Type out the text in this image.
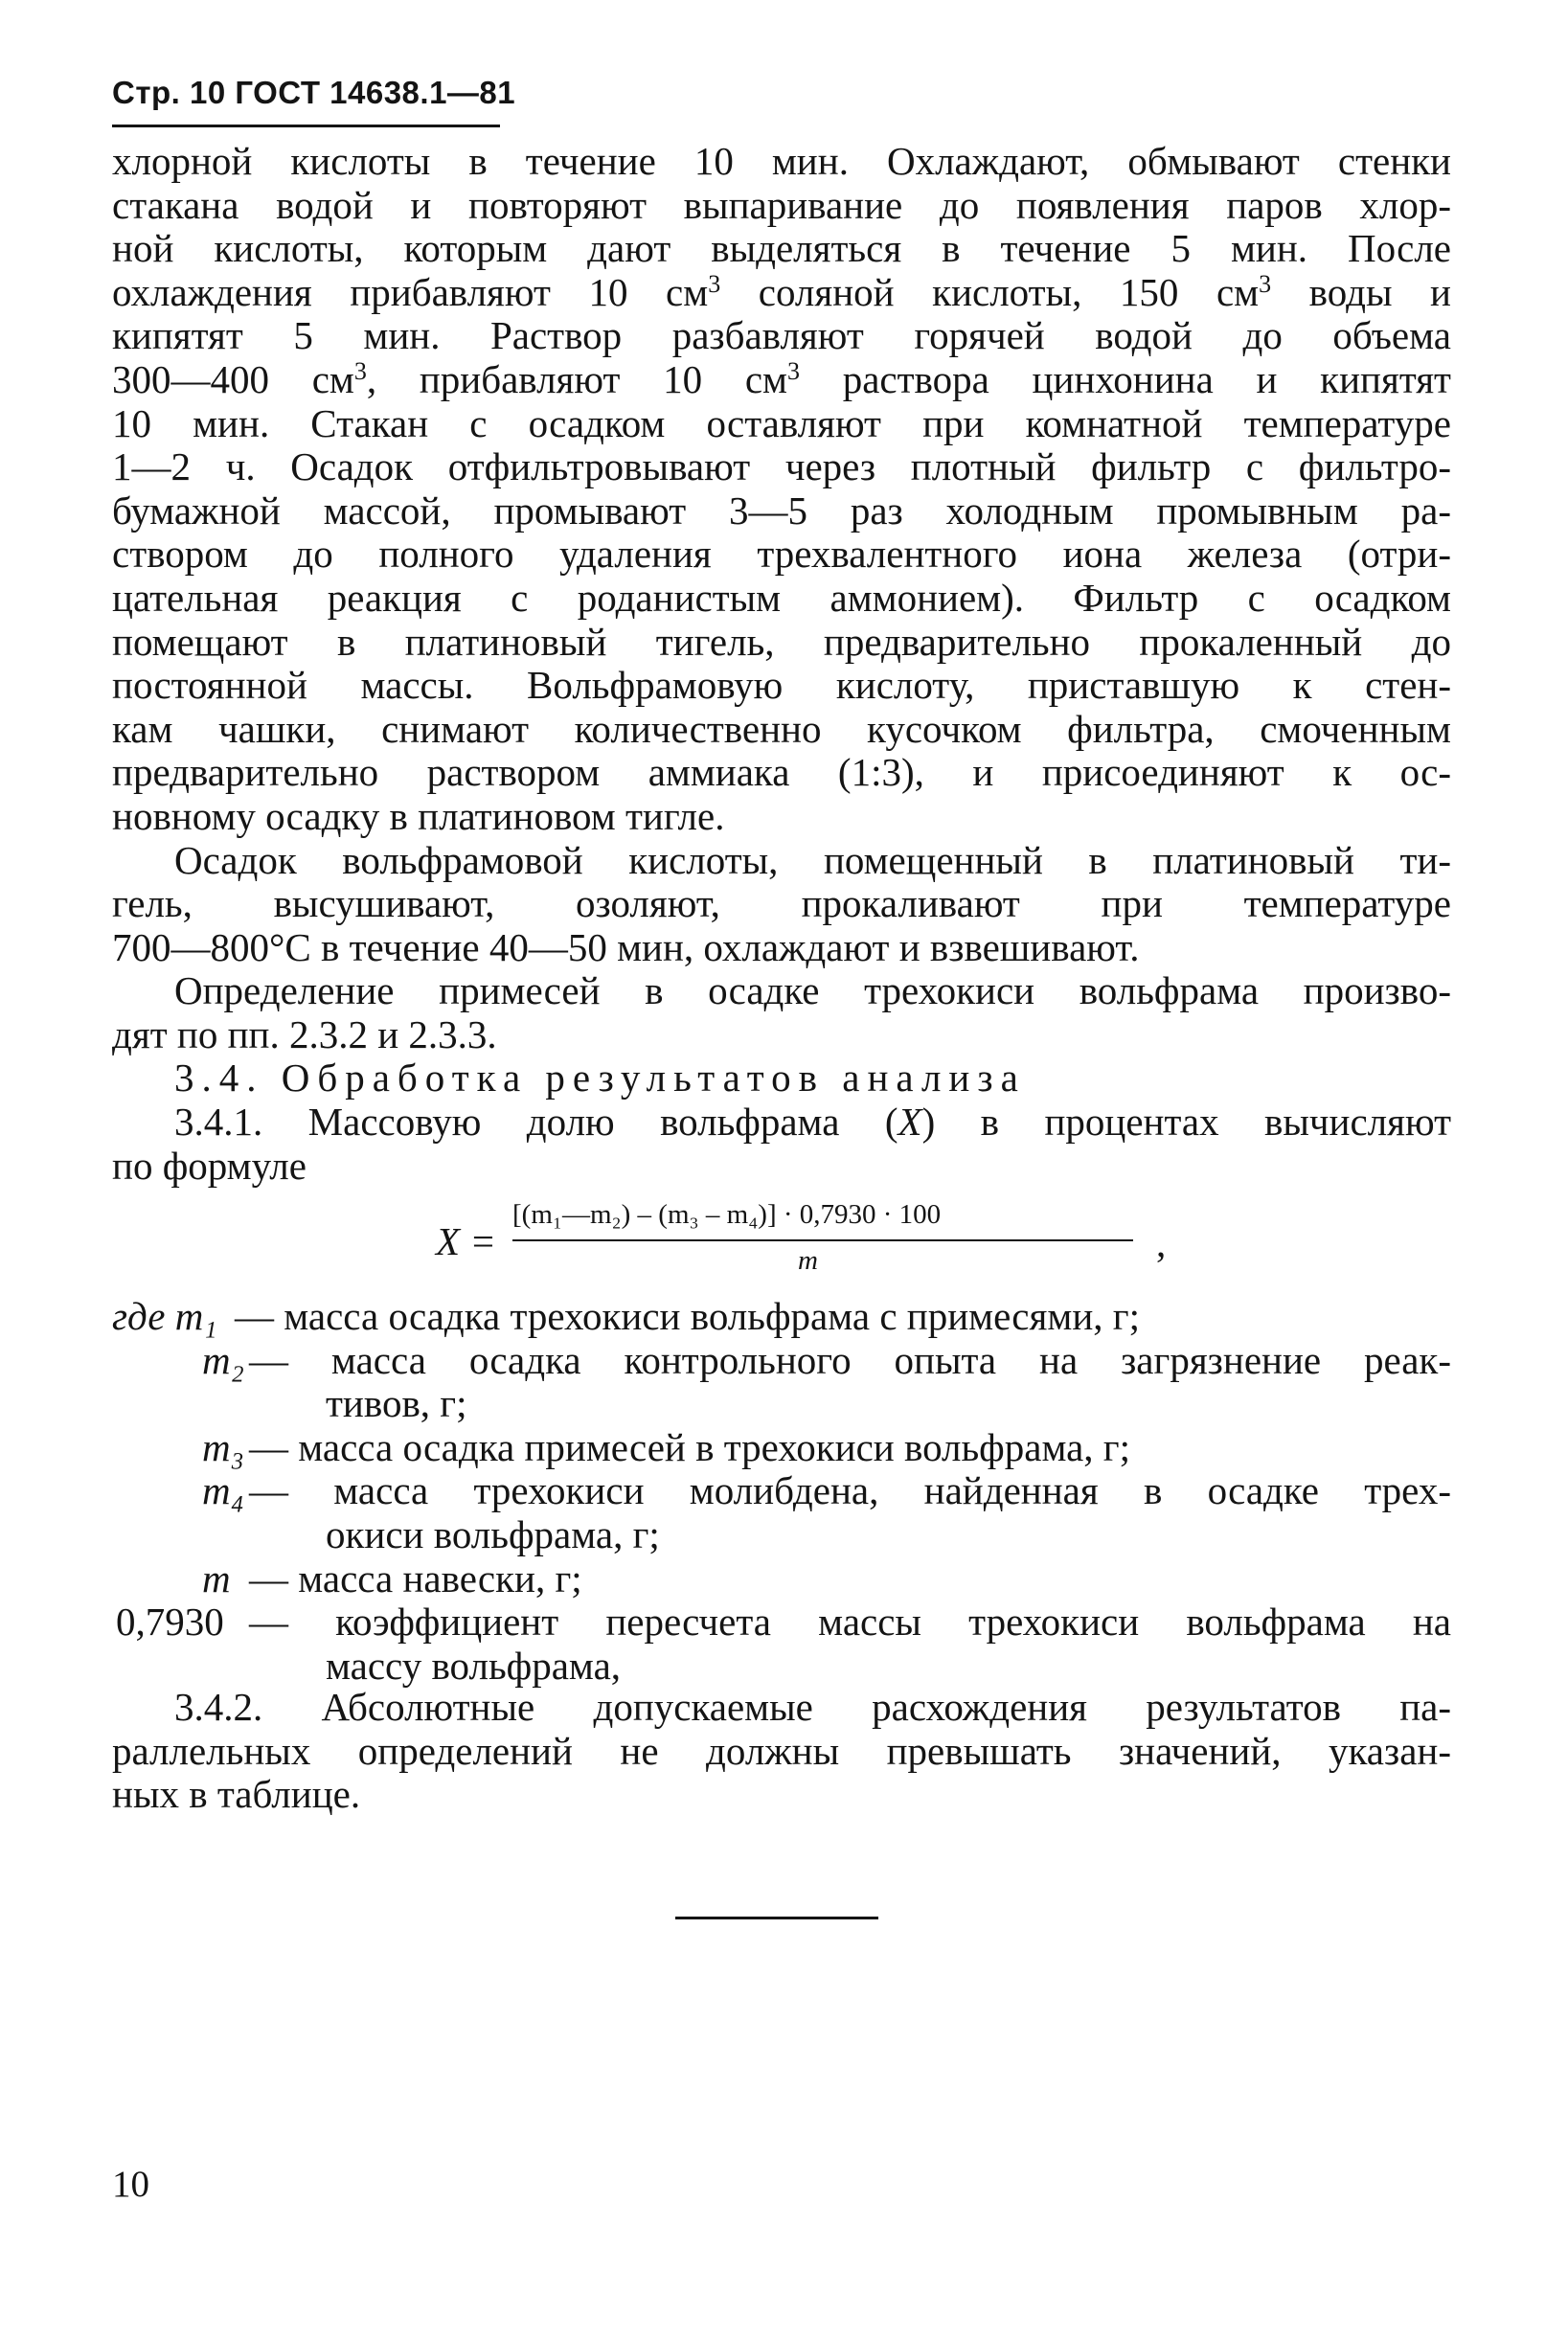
Стр. 10 ГОСТ 14638.1—81
хлорной кислоты в течение 10 мин. Охлаждают, обмывают стенки
стакана водой и повторяют выпаривание до появления паров хлор-
ной кислоты, которым дают выделяться в течение 5 мин. После
охлаждения прибавляют 10 $см^3$ соляной кислоты, 150 $см^3$ воды и
кипятят 5 мин. Раствор разбавляют горячей водой до объема
300—400 $см^3$, прибавляют 10 $см^3$ раствора цинхонина и кипятят
10 мин. Стакан с осадком оставляют при комнатной температуре
1—2 ч. Осадок отфильтровывают через плотный фильтр с фильтро-
бумажной массой, промывают 3—5 раз холодным промывным ра-
створом до полного удаления трехвалентного иона железа (отри-
цательная реакция с роданистым аммонием). Фильтр с осадком
помещают в платиновый тигель, предварительно прокаленный до
постоянной массы. Вольфрамовую кислоту, приставшую к стен-
кам чашки, снимают количественно кусочком фильтра, смоченным
предварительно раствором аммиака (1:3), и присоединяют к ос-
новному осадку в платиновом тигле.
Осадок вольфрамовой кислоты, помещенный в платиновый ти-
гель, высушивают, озоляют, прокаливают при температуре
700—800°С в течение 40—50 мин, охлаждают и взвешивают.
Определение примесей в осадке трехокиси вольфрама произво-
дят по пп. 2.3.2 и 2.3.3.
3.4. Обработка результатов анализа
3.4.1. Массовую долю вольфрама (X) в процентах вычисляют
по формуле
X =
[(m₁—m₂) – (m₃ – m₄)] · 0,7930 · 100
m	,
где m₁ — масса осадка трехокиси вольфрама с примесями, г;
m₂ — масса осадка контрольного опыта на загрязнение реак-
тивов, г;
m₃ — масса осадка примесей в трехокиси вольфрама, г;
m₄ — масса трехокиси молибдена, найденная в осадке трех-
окиси вольфрама, г;
m — масса навески, г;
0,7930 — коэффициент пересчета массы трехокиси вольфрама на
массу вольфрама,
3.4.2. Абсолютные допускаемые расхождения результатов па-
раллельных определений не должны превышать значений, указан-
ных в таблице.
10
